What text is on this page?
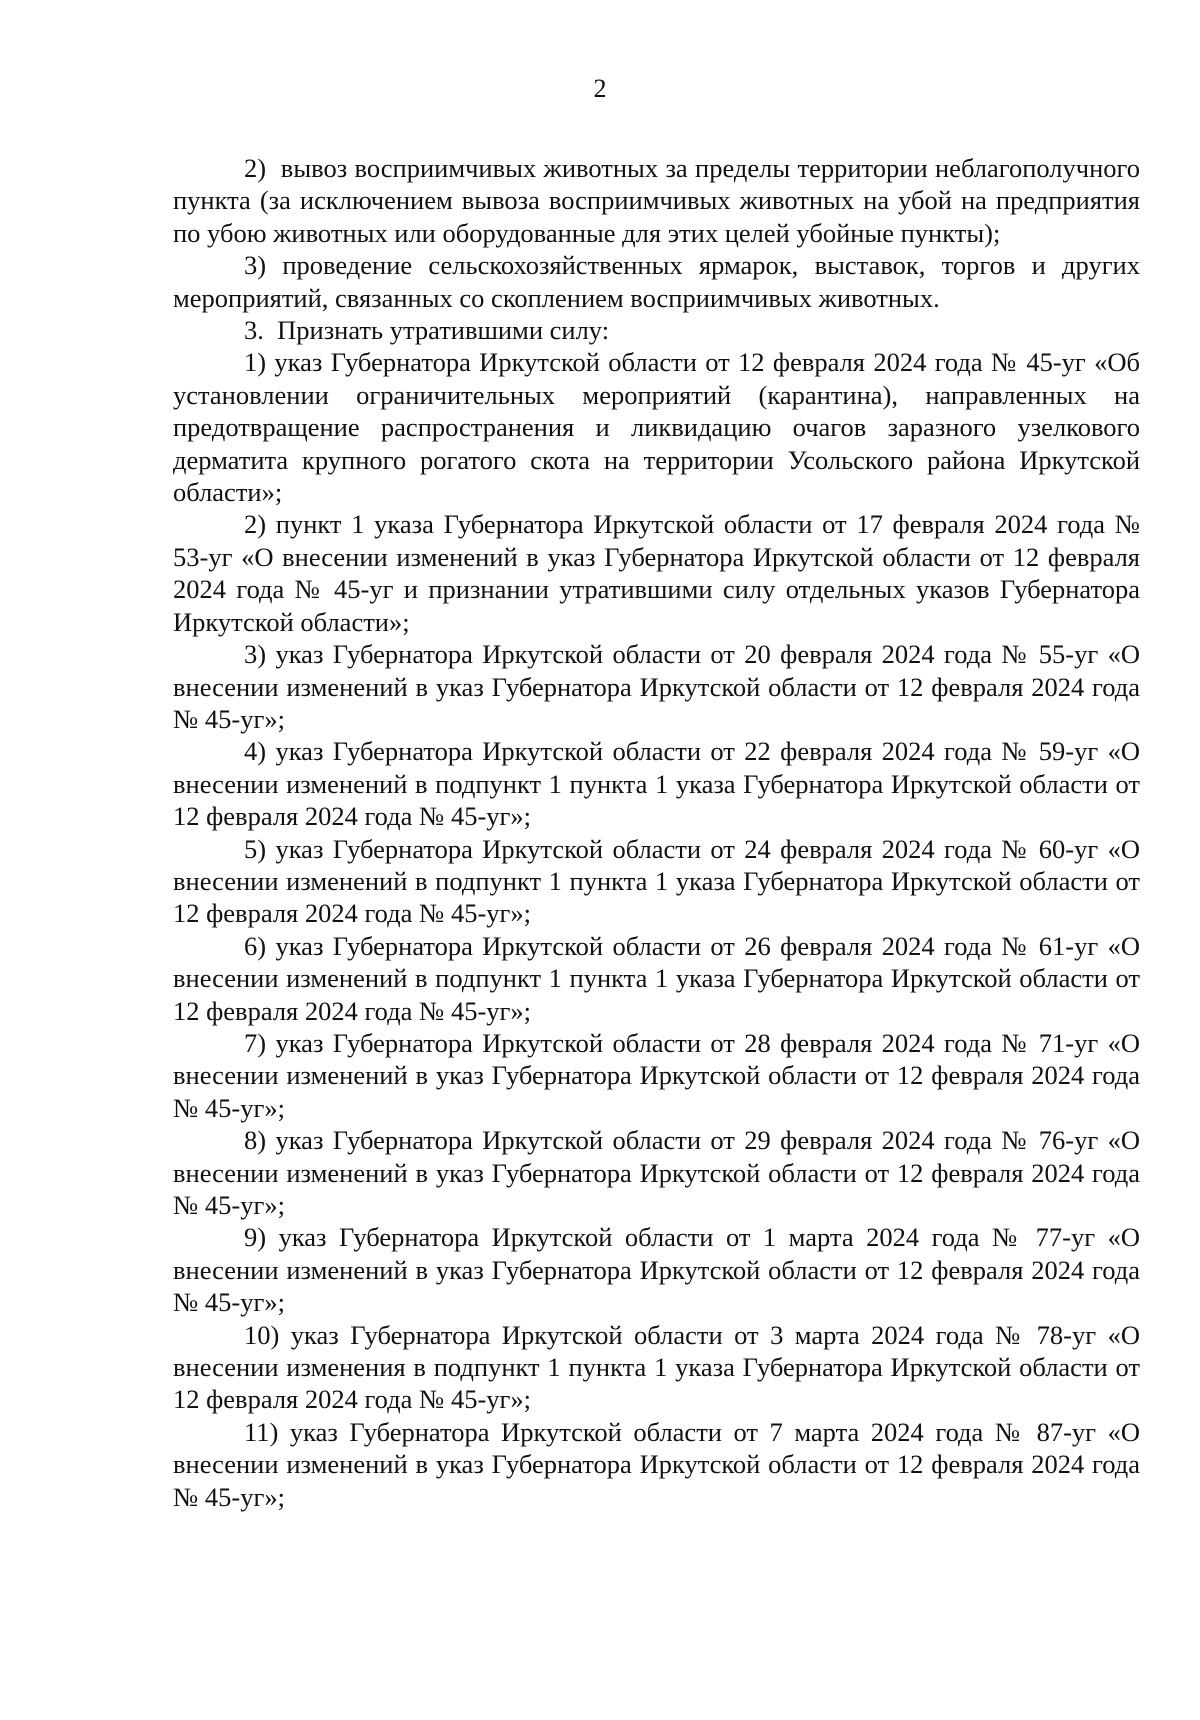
2

2)  вывоз восприимчивых животных за пределы территории неблагополучного пункта (за исключением вывоза восприимчивых животных на убой на предприятия по убою животных или оборудованные для этих целей убойные пункты);

3) проведение сельскохозяйственных ярмарок, выставок, торгов и других мероприятий, связанных со скоплением восприимчивых животных.

3.  Признать утратившими силу:

1) указ Губернатора Иркутской области от 12 февраля 2024 года № 45-уг «Об установлении ограничительных мероприятий (карантина), направленных на предотвращение распространения и ликвидацию очагов заразного узелкового дерматита крупного рогатого скота на территории Усольского района Иркутской области»;

2) пункт 1 указа Губернатора Иркутской области от 17 февраля 2024 года № 53-уг «О внесении изменений в указ Губернатора Иркутской области от 12 февраля 2024 года № 45-уг и признании утратившими силу отдельных указов Губернатора Иркутской области»;

3) указ Губернатора Иркутской области от 20 февраля 2024 года № 55-уг «О внесении изменений в указ Губернатора Иркутской области от 12 февраля 2024 года № 45-уг»;

4) указ Губернатора Иркутской области от 22 февраля 2024 года № 59-уг «О внесении изменений в подпункт 1 пункта 1 указа Губернатора Иркутской области от 12 февраля 2024 года № 45-уг»;

5) указ Губернатора Иркутской области от 24 февраля 2024 года № 60-уг «О внесении изменений в подпункт 1 пункта 1 указа Губернатора Иркутской области от 12 февраля 2024 года № 45-уг»;

6) указ Губернатора Иркутской области от 26 февраля 2024 года № 61-уг «О внесении изменений в подпункт 1 пункта 1 указа Губернатора Иркутской области от 12 февраля 2024 года № 45-уг»;

7) указ Губернатора Иркутской области от 28 февраля 2024 года № 71-уг «О внесении изменений в указ Губернатора Иркутской области от 12 февраля 2024 года № 45-уг»;

8) указ Губернатора Иркутской области от 29 февраля 2024 года № 76-уг «О внесении изменений в указ Губернатора Иркутской области от 12 февраля 2024 года № 45-уг»;

9) указ Губернатора Иркутской области от 1 марта 2024 года № 77-уг «О внесении изменений в указ Губернатора Иркутской области от 12 февраля 2024 года № 45-уг»;

10) указ Губернатора Иркутской области от 3 марта 2024 года № 78-уг «О внесении изменения в подпункт 1 пункта 1 указа Губернатора Иркутской области от 12 февраля 2024 года № 45-уг»;

11) указ Губернатора Иркутской области от 7 марта 2024 года № 87-уг «О внесении изменений в указ Губернатора Иркутской области от 12 февраля 2024 года № 45-уг»;
